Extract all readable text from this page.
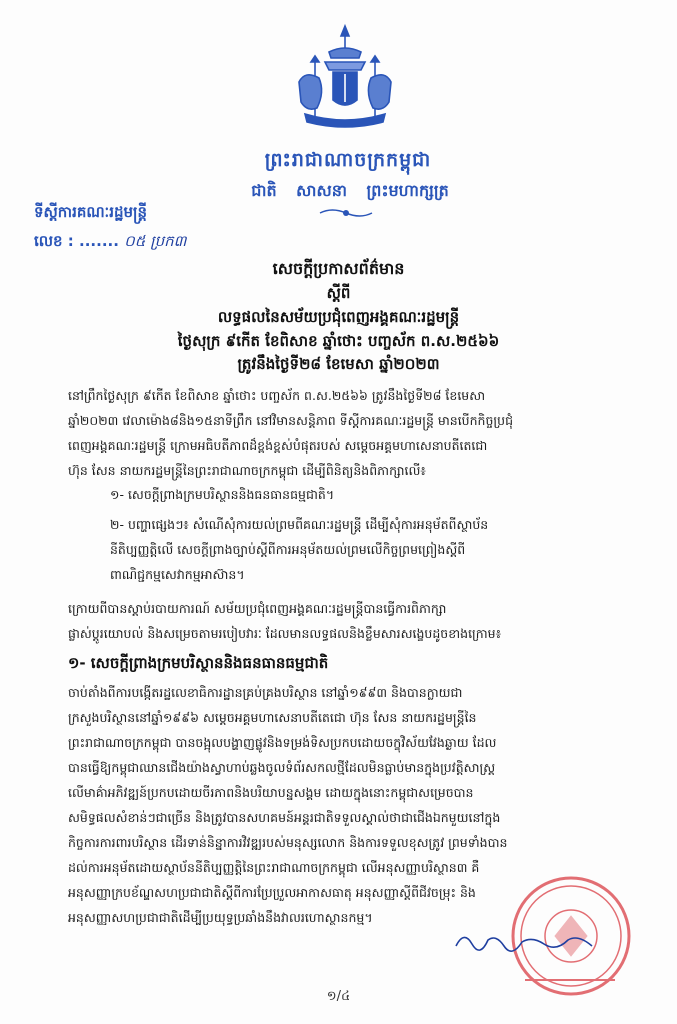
ព្រះរាជាណាចក្រកម្ពុជា
ជាតិ សាសនា ព្រះមហាក្សត្រ
ទីស្តីការគណៈរដ្ឋមន្ត្រី
លេខ : ....... ០៥ ប្រក៣
សេចក្តីប្រកាសព័ត៌មាន
ស្តីពី
លទ្ធផលនៃសម័យប្រជុំពេញអង្គគណៈរដ្ឋមន្ត្រី
ថ្ងៃសុក្រ ៩កើត ខែពិសាខ ឆ្នាំថោះ បញ្ចស័ក ព.ស.២៥៦៦
ត្រូវនឹងថ្ងៃទី២៨ ខែមេសា ឆ្នាំ២០២៣
នៅព្រឹកថ្ងៃសុក្រ ៩កើត ខែពិសាខ ឆ្នាំថោះ បញ្ចស័ក ព.ស.២៥៦៦ ត្រូវនឹងថ្ងៃទី២៨ ខែមេសា
ឆ្នាំ២០២៣ វេលាម៉ោង៨និង១៥នាទីព្រឹក នៅវិមានសន្តិភាព ទីស្តីការគណៈរដ្ឋមន្ត្រី មានបើកកិច្ចប្រជុំ
ពេញអង្គគណៈរដ្ឋមន្ត្រី ក្រោមអធិបតីភាពដ៏ខ្ពង់ខ្ពស់បំផុតរបស់ សម្តេចអគ្គមហាសេនាបតីតេជោ
ហ៊ុន សែន នាយករដ្ឋមន្ត្រីនៃព្រះរាជាណាចក្រកម្ពុជា ដើម្បីពិនិត្យនិងពិភាក្សាលើ៖
១- សេចក្តីព្រាងក្រមបរិស្ថាននិងធនធានធម្មជាតិ។
២- បញ្ហាផ្សេងៗ៖ សំណើសុំការយល់ព្រមពីគណៈរដ្ឋមន្ត្រី ដើម្បីសុំការអនុម័តពីស្ថាប័ន
នីតិប្បញ្ញត្តិលើ សេចក្តីព្រាងច្បាប់ស្តីពីការអនុម័តយល់ព្រមលើកិច្ចព្រមព្រៀងស្តីពី
ពាណិជ្ជកម្មសេវាកម្មអាស៊ាន។
ក្រោយពីបានស្តាប់របាយការណ៍ សម័យប្រជុំពេញអង្គគណៈរដ្ឋមន្ត្រីបានធ្វើការពិភាក្សា
ផ្លាស់ប្តូរយោបល់ និងសម្រេចតាមរបៀបវារៈ ដែលមានលទ្ធផលនិងខ្លឹមសារសង្ខេបដូចខាងក្រោម៖
១- សេចក្តីព្រាងក្រមបរិស្ថាននិងធនធានធម្មជាតិ
ចាប់តាំងពីការបង្កើតរដ្ឋលេខាធិការដ្ឋានគ្រប់គ្រងបរិស្ថាន នៅឆ្នាំ១៩៩៣ និងបានក្លាយជា
ក្រសួងបរិស្ថាននៅឆ្នាំ១៩៩៦ សម្តេចអគ្គមហាសេនាបតីតេជោ ហ៊ុន សែន នាយករដ្ឋមន្ត្រីនៃ
ព្រះរាជាណាចក្រកម្ពុជា បានចង្អុលបង្ហាញផ្លូវនិងទម្រង់ទិសប្រកបដោយចក្ខុវិស័យវែងឆ្ងាយ ដែល
បានធ្វើឱ្យកម្ពុជាឈានជើងយ៉ាងស្វាហាប់ឆ្លងចូលទំព័រសកលថ្មីដែលមិនធ្លាប់មានក្នុងប្រវត្តិសាស្ត្រ
លើមាគ៌ាអភិវឌ្ឍន៍ប្រកបដោយចីរភាពនិងបរិយាបន្នសង្គម ដោយក្នុងនោះកម្ពុជាសម្រេចបាន
សមិទ្ធផលសំខាន់ៗជាច្រើន និងត្រូវបានសហគមន៍អន្តរជាតិទទួលស្គាល់ថាជាជើងឯកមួយនៅក្នុង
កិច្ចការការពារបរិស្ថាន ដើរទាន់និន្នាការវិវឌ្ឍរបស់មនុស្សលោក និងការទទួលខុសត្រូវ ព្រមទាំងបាន
ដល់ការអនុម័តដោយស្ថាប័ននីតិប្បញ្ញត្តិនៃព្រះរាជាណាចក្រកម្ពុជា លើអនុសញ្ញាបរិស្ថាន៣ គឺ
អនុសញ្ញាក្របខ័ណ្ឌសហប្រជាជាតិស្តីពីការប្រែប្រួលអាកាសធាតុ អនុសញ្ញាស្តីពីជីវចម្រុះ និង
អនុសញ្ញាសហប្រជាជាតិដើម្បីប្រយុទ្ធប្រឆាំងនឹងវាលរហោស្ថានកម្ម។
១/៤
